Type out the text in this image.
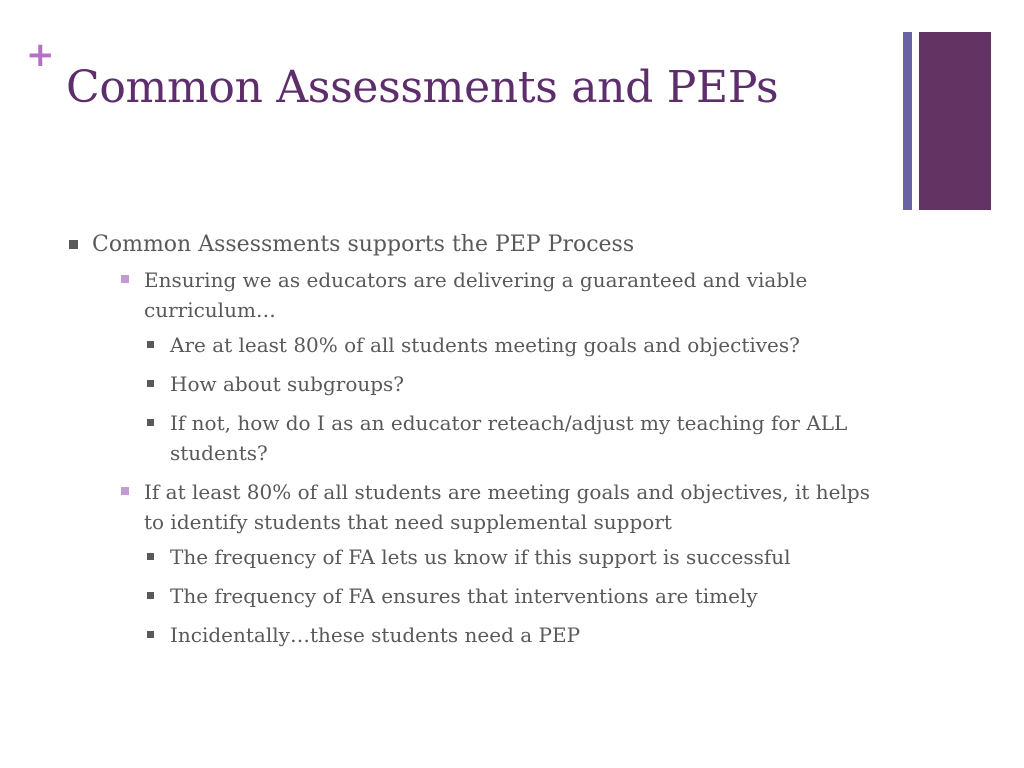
+
Common Assessments and PEPs
Common Assessments supports the PEP Process
Ensuring we as educators are delivering a guaranteed and viable curriculum…
Are at least 80% of all students meeting goals and objectives?
How about subgroups?
If not, how do I as an educator reteach/adjust my teaching for ALL students?
If at least 80% of all students are meeting goals and objectives, it helps to identify students that need supplemental support
The frequency of FA lets us know if this support is successful
The frequency of FA ensures that interventions are timely
Incidentally…these students need a PEP
